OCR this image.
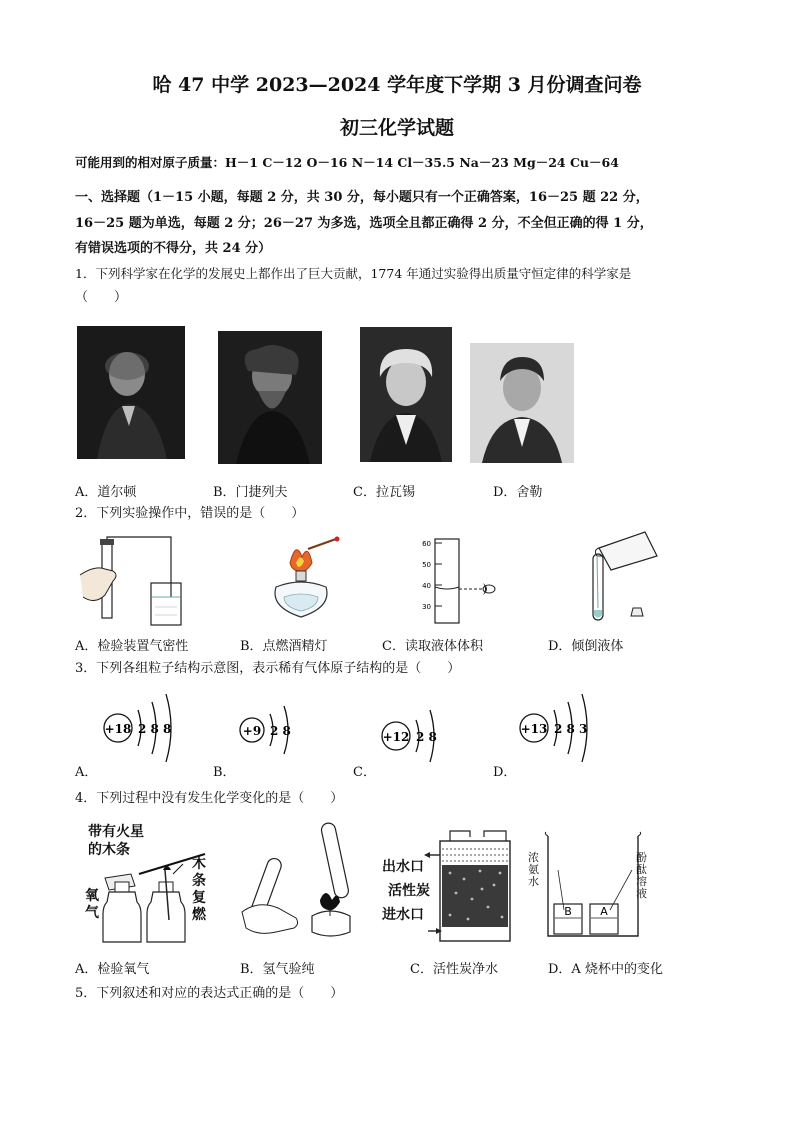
哈 47 中学 2023—2024 学年度下学期 3 月份调查问卷
初三化学试题
可能用到的相对原子质量：H－1 C－12 O－16 N－14 Cl－35.5 Na－23 Mg－24 Cu－64
一、选择题（1－15 小题，每题 2 分，共 30 分，每小题只有一个正确答案，16－25 题 22 分，
16－25 题为单选，每题 2 分；26－27 为多选，选项全且都正确得 2 分，不全但正确的得 1 分，
有错误选项的不得分，共 24 分）
1．下列科学家在化学的发展史上都作出了巨大贡献，1774 年通过实验得出质量守恒定律的科学家是
（　　）
A．道尔顿	B．门捷列夫	C．拉瓦锡	D．舍勒
2．下列实验操作中，错误的是（　　）
60
50
40
30
A．检验装置气密性	B．点燃酒精灯	C．读取液体体积	D．倾倒液体
3．下列各组粒子结构示意图，表示稀有气体原子结构的是（　　）
+18 2 8 8	+9 2 8	+12 2 8
+13 2 8 3
A．	B．	C．	D．
4．下列过程中没有发生化学变化的是（　　）
带有火星
的木条
氧
气
木
条
复
燃
出水口
活性炭
进水口	B	A
浓
氨
水
酚
酞
溶
液
A．检验氧气	B．氢气验纯	C．活性炭净水	D．A 烧杯中的变化
5．下列叙述和对应的表达式正确的是（　　）
